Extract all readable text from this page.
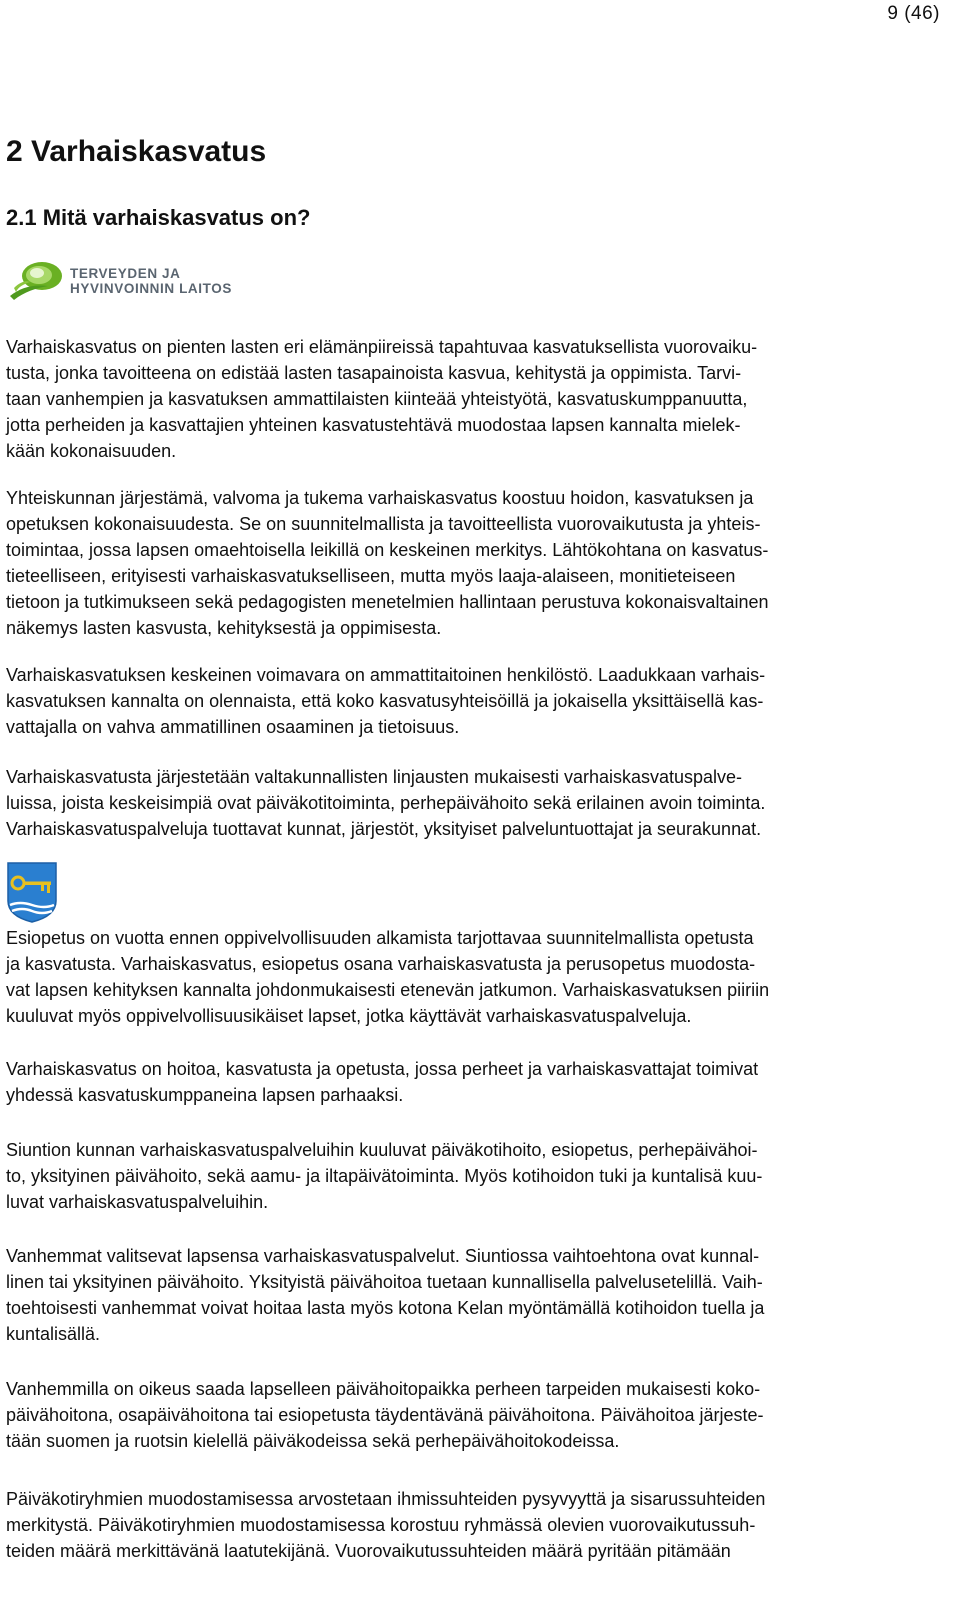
9 (46)
2 Varhaiskasvatus
2.1 Mitä varhaiskasvatus on?
TERVEYDEN JA
HYVINVOINNIN LAITOS
Varhaiskasvatus on pienten lasten eri elämänpiireissä tapahtuvaa kasvatuksellista vuorovaiku-
tusta, jonka tavoitteena on edistää lasten tasapainoista kasvua, kehitystä ja oppimista. Tarvi-
taan vanhempien ja kasvatuksen ammattilaisten kiinteää yhteistyötä, kasvatuskumppanuutta,
jotta perheiden ja kasvattajien yhteinen kasvatustehtävä muodostaa lapsen kannalta mielek-
kään kokonaisuuden.
Yhteiskunnan järjestämä, valvoma ja tukema varhaiskasvatus koostuu hoidon, kasvatuksen ja
opetuksen kokonaisuudesta. Se on suunnitelmallista ja tavoitteellista vuorovaikutusta ja yhteis-
toimintaa, jossa lapsen omaehtoisella leikillä on keskeinen merkitys. Lähtökohtana on kasvatus-
tieteelliseen, erityisesti varhaiskasvatukselliseen, mutta myös laaja-alaiseen, monitieteiseen
tietoon ja tutkimukseen sekä pedagogisten menetelmien hallintaan perustuva kokonaisvaltainen
näkemys lasten kasvusta, kehityksestä ja oppimisesta.
Varhaiskasvatuksen keskeinen voimavara on ammattitaitoinen henkilöstö. Laadukkaan varhais-
kasvatuksen kannalta on olennaista, että koko kasvatusyhteisöillä ja jokaisella yksittäisellä kas-
vattajalla on vahva ammatillinen osaaminen ja tietoisuus.
Varhaiskasvatusta järjestetään valtakunnallisten linjausten mukaisesti varhaiskasvatuspalve-
luissa, joista keskeisimpiä ovat päiväkotitoiminta, perhepäivähoito sekä erilainen avoin toiminta.
Varhaiskasvatuspalveluja tuottavat kunnat, järjestöt, yksityiset palveluntuottajat ja seurakunnat.
Esiopetus on vuotta ennen oppivelvollisuuden alkamista tarjottavaa suunnitelmallista opetusta
ja kasvatusta. Varhaiskasvatus, esiopetus osana varhaiskasvatusta ja perusopetus muodosta-
vat lapsen kehityksen kannalta johdonmukaisesti etenevän jatkumon. Varhaiskasvatuksen piiriin
kuuluvat myös oppivelvollisuusikäiset lapset, jotka käyttävät varhaiskasvatuspalveluja.
Varhaiskasvatus on hoitoa, kasvatusta ja opetusta, jossa perheet ja varhaiskasvattajat toimivat
yhdessä kasvatuskumppaneina lapsen parhaaksi.
Siuntion kunnan varhaiskasvatuspalveluihin kuuluvat päiväkotihoito, esiopetus, perhepäivähoi-
to, yksityinen päivähoito, sekä aamu- ja iltapäivätoiminta. Myös kotihoidon tuki ja kuntalisä kuu-
luvat varhaiskasvatuspalveluihin.
Vanhemmat valitsevat lapsensa varhaiskasvatuspalvelut. Siuntiossa vaihtoehtona ovat kunnal-
linen tai yksityinen päivähoito. Yksityistä päivähoitoa tuetaan kunnallisella palvelusetelillä. Vaih-
toehtoisesti vanhemmat voivat hoitaa lasta myös kotona Kelan myöntämällä kotihoidon tuella ja
kuntalisällä.
Vanhemmilla on oikeus saada lapselleen päivähoitopaikka perheen tarpeiden mukaisesti koko-
päivähoitona, osapäivähoitona tai esiopetusta täydentävänä päivähoitona. Päivähoitoa järjeste-
tään suomen ja ruotsin kielellä päiväkodeissa sekä perhepäivähoitokodeissa.
Päiväkotiryhmien muodostamisessa arvostetaan ihmissuhteiden pysyvyyttä ja sisarussuhteiden
merkitystä. Päiväkotiryhmien muodostamisessa korostuu ryhmässä olevien vuorovaikutussuh-
teiden määrä merkittävänä laatutekijänä. Vuorovaikutussuhteiden määrä pyritään pitämään
